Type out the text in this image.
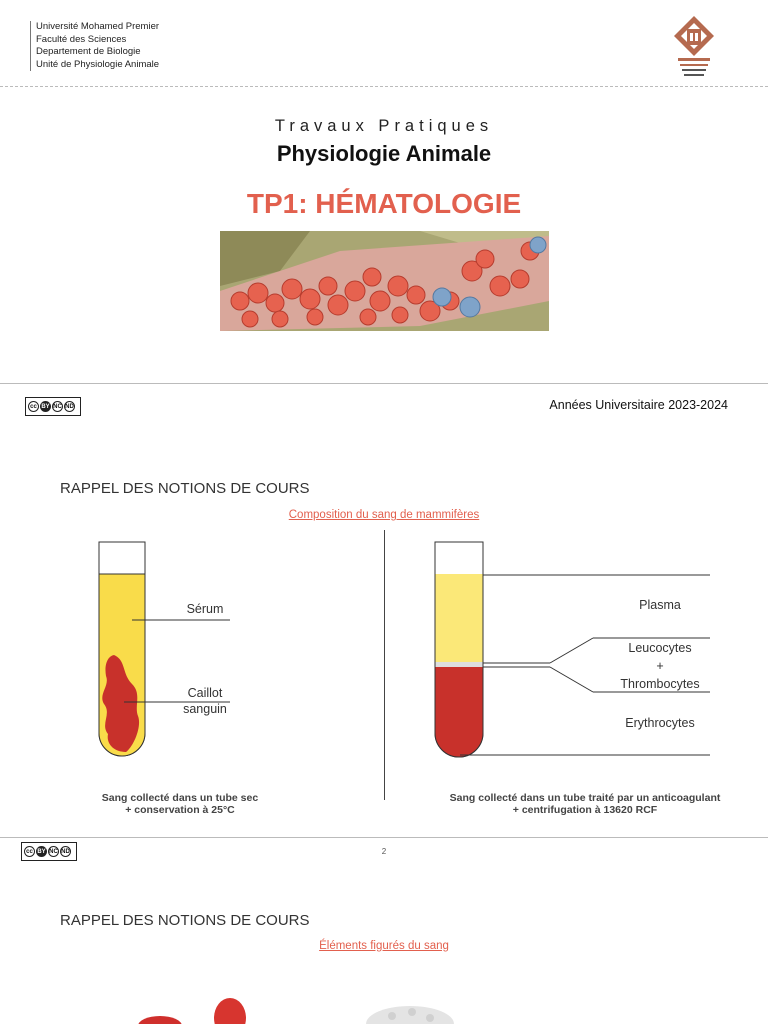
Université Mohamed Premier
Faculté des Sciences
Departement de Biologie
Unité de Physiologie Animale
Travaux Pratiques
Physiologie Animale
TP1: HÉMATOLOGIE
cc BY NC ND	Années Universitaire 2023-2024
RAPPEL DES NOTIONS DE COURS
Composition du sang de mammifères
Sérum
Caillot sanguin
Sang collecté dans un tube sec
+ conservation à 25°C
Plasma
Leucocytes
+
Thrombocytes
Erythrocytes
Sang collecté dans un tube traité par un anticoagulant
+ centrifugation à 13620 RCF
cc BY NC ND	2
RAPPEL DES NOTIONS DE COURS
Éléments figurés du sang
